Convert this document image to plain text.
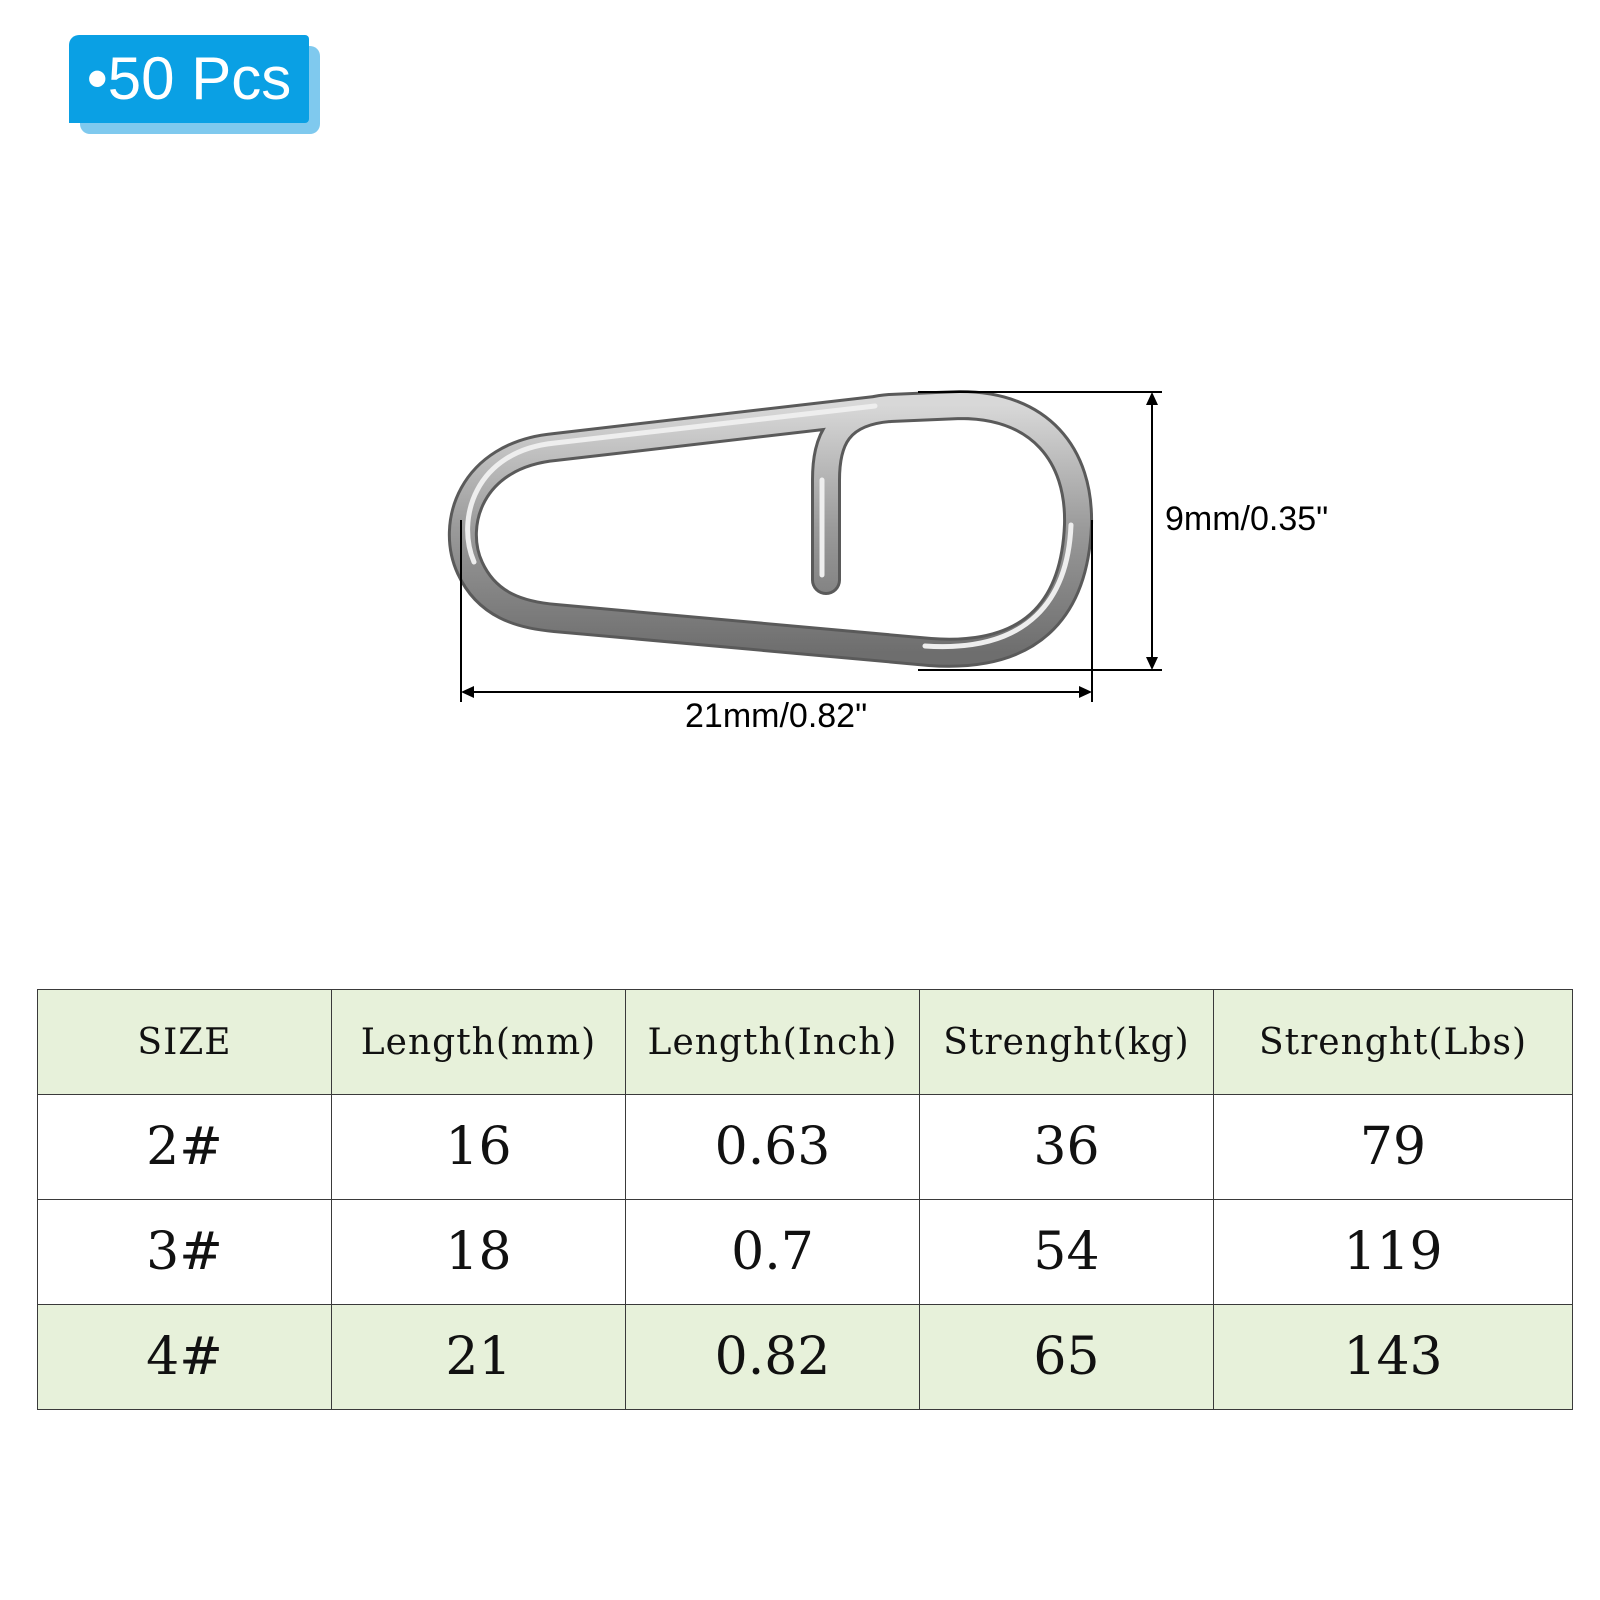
•50 Pcs
9mm/0.35"
21mm/0.82"
SIZE	Length(mm)	Length(Inch)	Strenght(kg)	Strenght(Lbs)
2#	16	0.63	36	79
3#	18	0.7	54	119
4#	21	0.82	65	143
